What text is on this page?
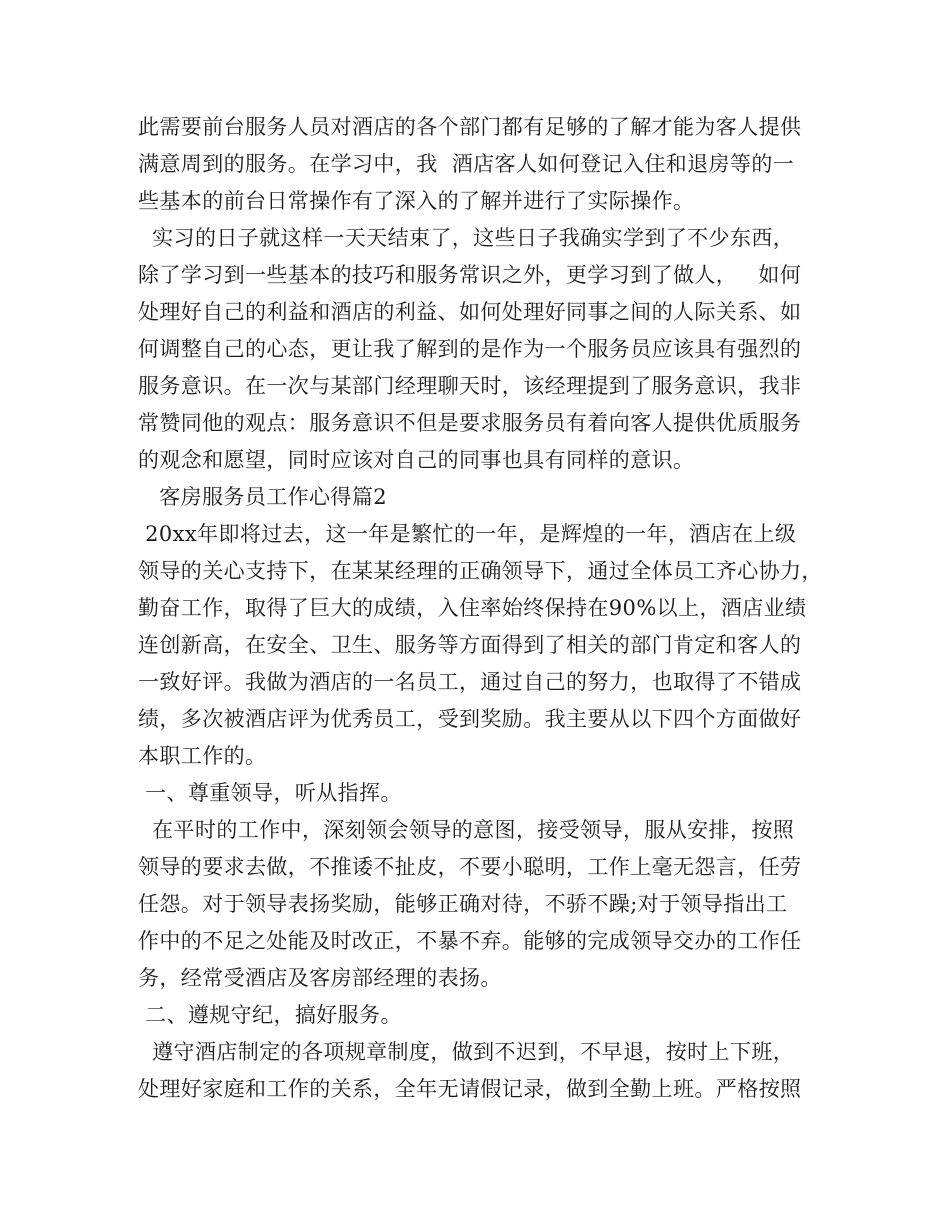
此需要前台服务人员对酒店的各个部门都有足够的了解才能为客人提供
满意周到的服务。在学习中，我  酒店客人如何登记入住和退房等的一
些基本的前台日常操作有了深入的了解并进行了实际操作。
实习的日子就这样一天天结束了，这些日子我确实学到了不少东西，
除了学习到一些基本的技巧和服务常识之外，更学习到了做人，   如何
处理好自己的利益和酒店的利益、如何处理好同事之间的人际关系、如
何调整自己的心态，更让我了解到的是作为一个服务员应该具有强烈的
服务意识。在一次与某部门经理聊天时，该经理提到了服务意识，我非
常赞同他的观点：服务意识不但是要求服务员有着向客人提供优质服务
的观念和愿望，同时应该对自己的同事也具有同样的意识。
客房服务员工作心得篇2
20xx年即将过去，这一年是繁忙的一年，是辉煌的一年，酒店在上级
领导的关心支持下，在某某经理的正确领导下，通过全体员工齐心协力，
勤奋工作，取得了巨大的成绩，入住率始终保持在90%以上，酒店业绩
连创新高，在安全、卫生、服务等方面得到了相关的部门肯定和客人的
一致好评。我做为酒店的一名员工，通过自己的努力，也取得了不错成
绩，多次被酒店评为优秀员工，受到奖励。我主要从以下四个方面做好
本职工作的。
一、尊重领导，听从指挥。
在平时的工作中，深刻领会领导的意图，接受领导，服从安排，按照
领导的要求去做，不推诿不扯皮，不要小聪明，工作上毫无怨言，任劳
任怨。对于领导表扬奖励，能够正确对待，不骄不躁;对于领导指出工
作中的不足之处能及时改正，不暴不弃。能够的完成领导交办的工作任
务，经常受酒店及客房部经理的表扬。
二、遵规守纪，搞好服务。
遵守酒店制定的各项规章制度，做到不迟到，不早退，按时上下班，
处理好家庭和工作的关系，全年无请假记录，做到全勤上班。严格按照
